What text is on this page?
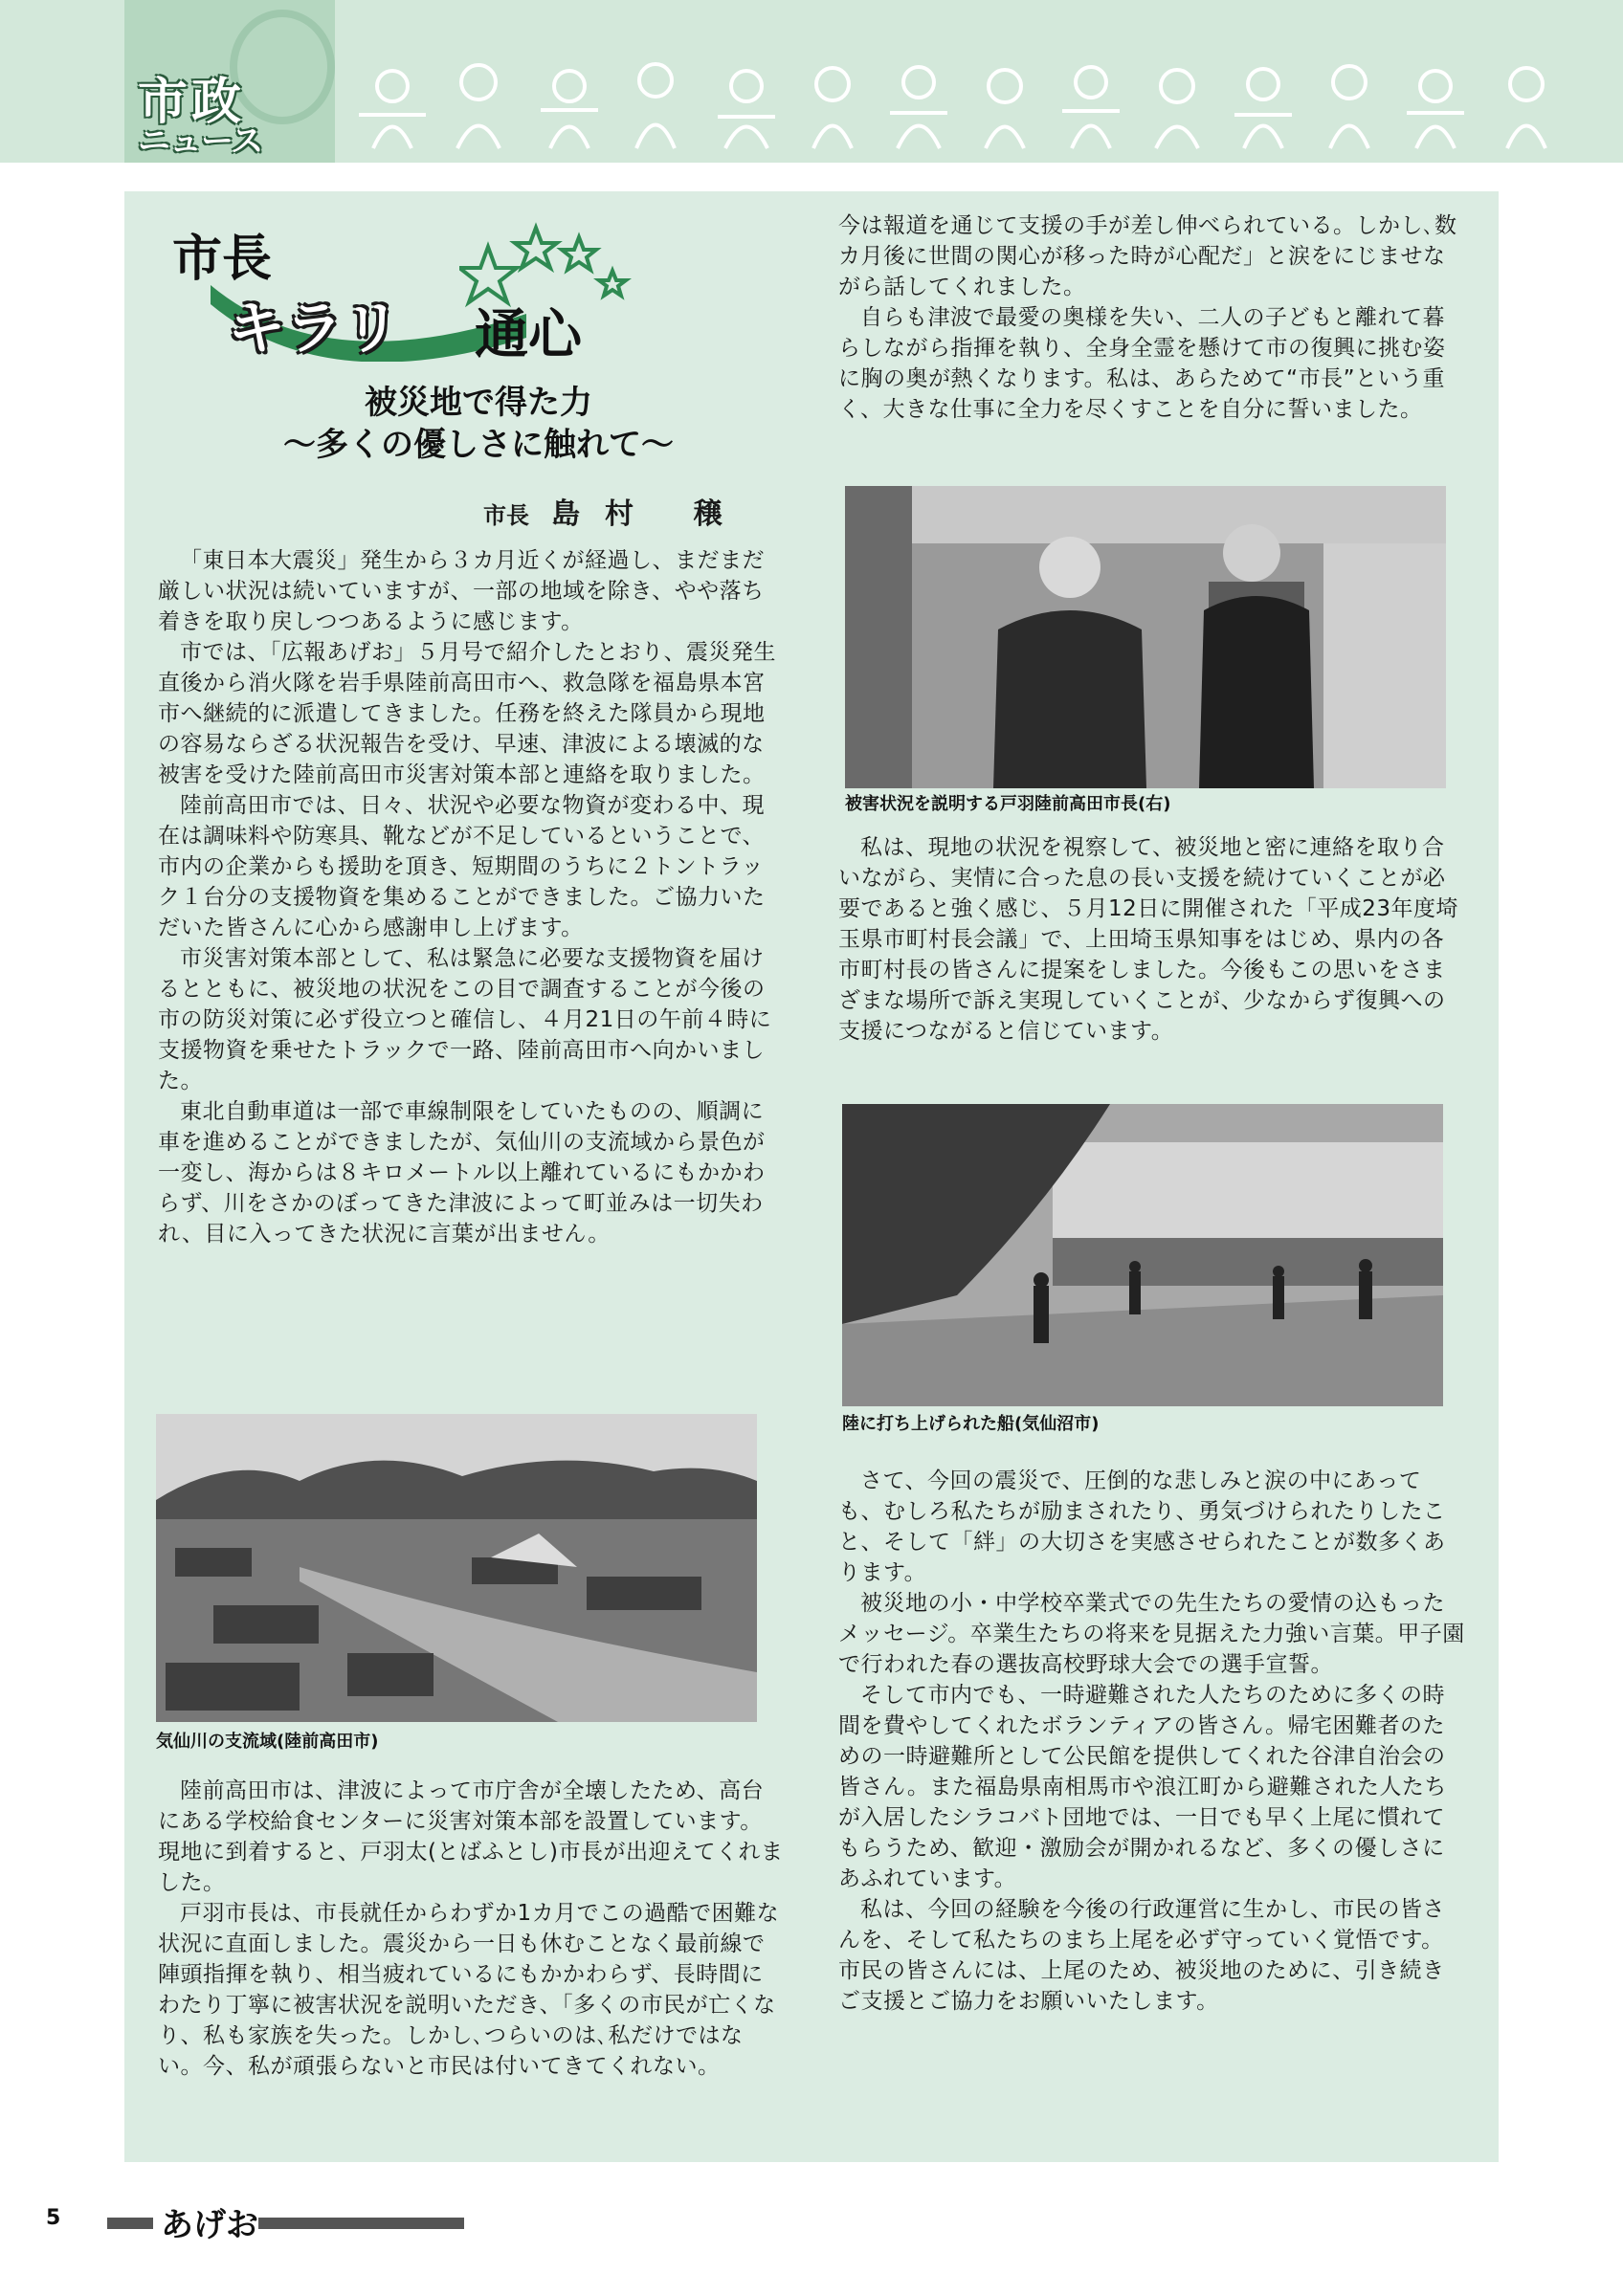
市政
ニュース
市長
キラリ 通心
被災地で得た力
～多くの優しさに触れて～
市長 島村 穣

「東日本大震災」発生から３カ月近くが経過し、まだまだ厳しい状況は続いていますが、一部の地域を除き、やや落ち着きを取り戻しつつあるように感じます。

市では、「広報あげお」５月号で紹介したとおり、震災発生直後から消火隊を岩手県陸前高田市へ、救急隊を福島県本宮市へ継続的に派遣してきました。任務を終えた隊員から現地の容易ならざる状況報告を受け、早速、津波による壊滅的な被害を受けた陸前高田市災害対策本部と連絡を取りました。

陸前高田市では、日々、状況や必要な物資が変わる中、現在は調味料や防寒具、靴などが不足しているということで、市内の企業からも援助を頂き、短期間のうちに２トントラック１台分の支援物資を集めることができました。ご協力いただいた皆さんに心から感謝申し上げます。

市災害対策本部として、私は緊急に必要な支援物資を届けるとともに、被災地の状況をこの目で調査することが今後の市の防災対策に必ず役立つと確信し、４月21日の午前４時に支援物資を乗せたトラックで一路、陸前高田市へ向かいました。

東北自動車道は一部で車線制限をしていたものの、順調に車を進めることができましたが、気仙川の支流域から景色が一変し、海からは８キロメートル以上離れているにもかかわらず、川をさかのぼってきた津波によって町並みは一切失われ、目に入ってきた状況に言葉が出ません。

気仙川の支流域(陸前高田市)

陸前高田市は、津波によって市庁舎が全壊したため、高台にある学校給食センターに災害対策本部を設置しています。現地に到着すると、戸羽太(とばふとし)市長が出迎えてくれました。

戸羽市長は、市長就任からわずか1カ月でこの過酷で困難な状況に直面しました。震災から一日も休むことなく最前線で陣頭指揮を執り、相当疲れているにもかかわらず、長時間にわたり丁寧に被害状況を説明いただき、「多くの市民が亡くなり、私も家族を失った。しかし､つらいのは､私だけではない。今、私が頑張らないと市民は付いてきてくれない。

今は報道を通じて支援の手が差し伸べられている。しかし､数カ月後に世間の関心が移った時が心配だ」と涙をにじませながら話してくれました。

自らも津波で最愛の奥様を失い、二人の子どもと離れて暮らしながら指揮を執り、全身全霊を懸けて市の復興に挑む姿に胸の奥が熱くなります。私は、あらためて“市長”という重く、大きな仕事に全力を尽くすことを自分に誓いました。

被害状況を説明する戸羽陸前高田市長(右)

私は、現地の状況を視察して、被災地と密に連絡を取り合いながら、実情に合った息の長い支援を続けていくことが必要であると強く感じ、５月12日に開催された「平成23年度埼玉県市町村長会議」で、上田埼玉県知事をはじめ、県内の各市町村長の皆さんに提案をしました。今後もこの思いをさまざまな場所で訴え実現していくことが、少なからず復興への支援につながると信じています。

陸に打ち上げられた船(気仙沼市)

さて、今回の震災で、圧倒的な悲しみと涙の中にあっても、むしろ私たちが励まされたり、勇気づけられたりしたこと、そして「絆」の大切さを実感させられたことが数多くあります。

被災地の小・中学校卒業式での先生たちの愛情の込もったメッセージ。卒業生たちの将来を見据えた力強い言葉。甲子園で行われた春の選抜高校野球大会での選手宣誓。

そして市内でも、一時避難された人たちのために多くの時間を費やしてくれたボランティアの皆さん。帰宅困難者のための一時避難所として公民館を提供してくれた谷津自治会の皆さん。また福島県南相馬市や浪江町から避難された人たちが入居したシラコバト団地では、一日でも早く上尾に慣れてもらうため、歓迎・激励会が開かれるなど、多くの優しさにあふれています。

私は、今回の経験を今後の行政運営に生かし、市民の皆さんを、そして私たちのまち上尾を必ず守っていく覚悟です。市民の皆さんには、上尾のため、被災地のために、引き続きご支援とご協力をお願いいたします。

5	あげお
